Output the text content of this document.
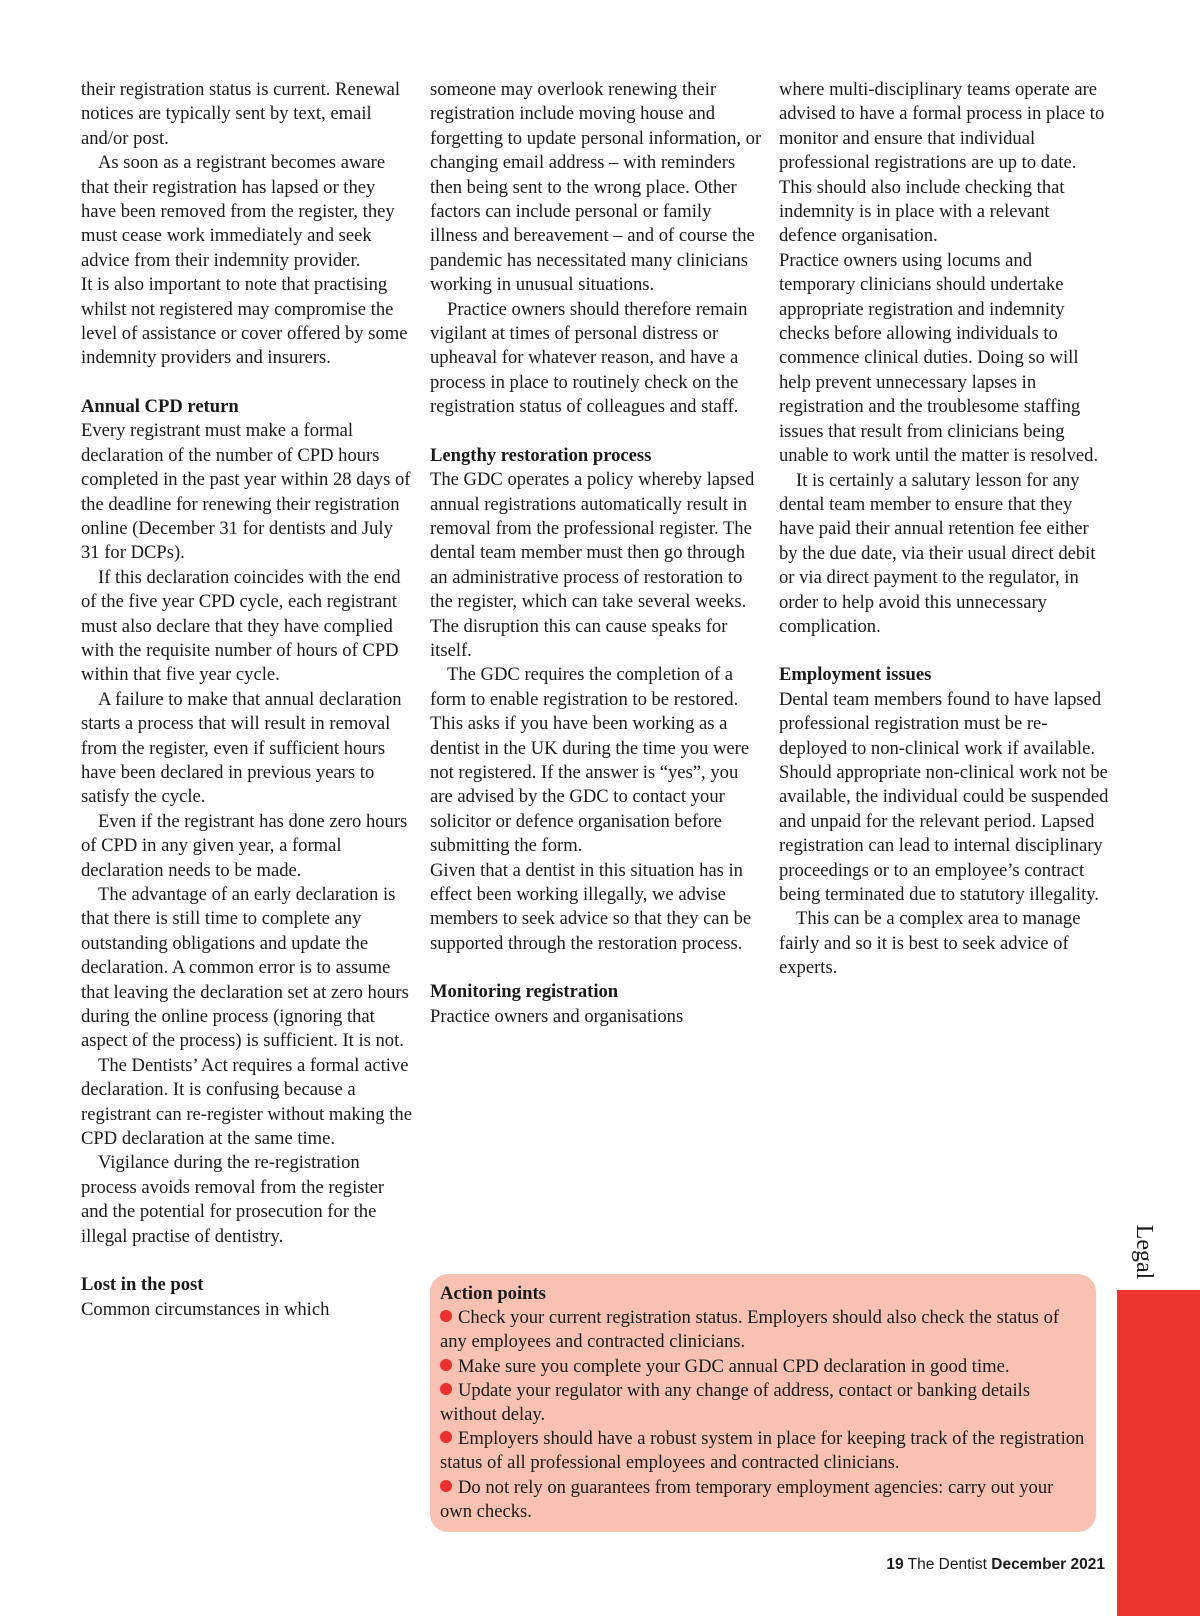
their registration status is current. Renewal notices are typically sent by text, email and/or post.

As soon as a registrant becomes aware that their registration has lapsed or they have been removed from the register, they must cease work immediately and seek advice from their indemnity provider.

It is also important to note that practising whilst not registered may compromise the level of assistance or cover offered by some indemnity providers and insurers.

Annual CPD return

Every registrant must make a formal declaration of the number of CPD hours completed in the past year within 28 days of the deadline for renewing their registration online (December 31 for dentists and July 31 for DCPs).

If this declaration coincides with the end of the five year CPD cycle, each registrant must also declare that they have complied with the requisite number of hours of CPD within that five year cycle.

A failure to make that annual declaration starts a process that will result in removal from the register, even if sufficient hours have been declared in previous years to satisfy the cycle.

Even if the registrant has done zero hours of CPD in any given year, a formal declaration needs to be made.

The advantage of an early declaration is that there is still time to complete any outstanding obligations and update the declaration. A common error is to assume that leaving the declaration set at zero hours during the online process (ignoring that aspect of the process) is sufficient. It is not.

The Dentists’ Act requires a formal active declaration. It is confusing because a registrant can re-register without making the CPD declaration at the same time.

Vigilance during the re-registration process avoids removal from the register and the potential for prosecution for the illegal practise of dentistry.

Lost in the post

Common circumstances in which

someone may overlook renewing their registration include moving house and forgetting to update personal information, or changing email address – with reminders then being sent to the wrong place. Other factors can include personal or family illness and bereavement – and of course the pandemic has necessitated many clinicians working in unusual situations.

Practice owners should therefore remain vigilant at times of personal distress or upheaval for whatever reason, and have a process in place to routinely check on the registration status of colleagues and staff.

Lengthy restoration process

The GDC operates a policy whereby lapsed annual registrations automatically result in removal from the professional register. The dental team member must then go through an administrative process of restoration to the register, which can take several weeks. The disruption this can cause speaks for itself.

The GDC requires the completion of a form to enable registration to be restored. This asks if you have been working as a dentist in the UK during the time you were not registered. If the answer is “yes”, you are advised by the GDC to contact your solicitor or defence organisation before submitting the form.

Given that a dentist in this situation has in effect been working illegally, we advise members to seek advice so that they can be supported through the restoration process.

Monitoring registration

Practice owners and organisations

where multi-disciplinary teams operate are advised to have a formal process in place to monitor and ensure that individual professional registrations are up to date. This should also include checking that indemnity is in place with a relevant defence organisation.

Practice owners using locums and temporary clinicians should undertake appropriate registration and indemnity checks before allowing individuals to commence clinical duties. Doing so will help prevent unnecessary lapses in registration and the troublesome staffing issues that result from clinicians being unable to work until the matter is resolved.

It is certainly a salutary lesson for any dental team member to ensure that they have paid their annual retention fee either by the due date, via their usual direct debit or via direct payment to the regulator, in order to help avoid this unnecessary complication.

Employment issues

Dental team members found to have lapsed professional registration must be re-deployed to non-clinical work if available. Should appropriate non-clinical work not be available, the individual could be suspended and unpaid for the relevant period. Lapsed registration can lead to internal disciplinary proceedings or to an employee’s contract being terminated due to statutory illegality.

This can be a complex area to manage fairly and so it is best to seek advice of experts.

Action points

Check your current registration status. Employers should also check the status of any employees and contracted clinicians.

Make sure you complete your GDC annual CPD declaration in good time.

Update your regulator with any change of address, contact or banking details without delay.

Employers should have a robust system in place for keeping track of the registration status of all professional employees and contracted clinicians.

Do not rely on guarantees from temporary employment agencies: carry out your own checks.

Legal
19 The Dentist December 2021
